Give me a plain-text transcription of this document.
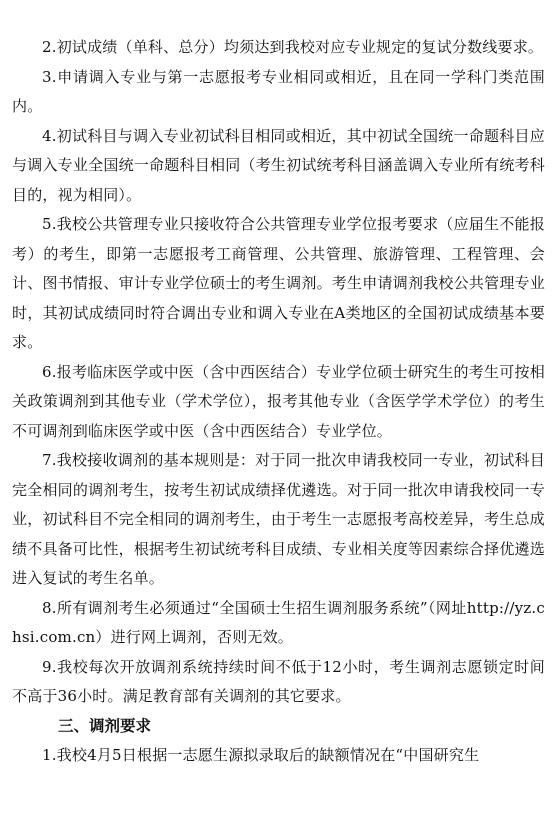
2.初试成绩（单科、总分）均须达到我校对应专业规定的复试分数线要求。

3.申请调入专业与第一志愿报考专业相同或相近，且在同一学科门类范围内。

4.初试科目与调入专业初试科目相同或相近，其中初试全国统一命题科目应与调入专业全国统一命题科目相同（考生初试统考科目涵盖调入专业所有统考科目的，视为相同）。

5.我校公共管理专业只接收符合公共管理专业学位报考要求（应届生不能报考）的考生，即第一志愿报考工商管理、公共管理、旅游管理、工程管理、会计、图书情报、审计专业学位硕士的考生调剂。考生申请调剂我校公共管理专业时，其初试成绩同时符合调出专业和调入专业在A类地区的全国初试成绩基本要求。

6.报考临床医学或中医（含中西医结合）专业学位硕士研究生的考生可按相关政策调剂到其他专业（学术学位），报考其他专业（含医学学术学位）的考生不可调剂到临床医学或中医（含中西医结合）专业学位。

7.我校接收调剂的基本规则是：对于同一批次申请我校同一专业，初试科目完全相同的调剂考生，按考生初试成绩择优遴选。对于同一批次申请我校同一专业，初试科目不完全相同的调剂考生，由于考生一志愿报考高校差异，考生总成绩不具备可比性，根据考生初试统考科目成绩、专业相关度等因素综合择优遴选进入复试的考生名单。

8.所有调剂考生必须通过“全国硕士生招生调剂服务系统”（网址http://yz.chsi.com.cn）进行网上调剂，否则无效。

9.我校每次开放调剂系统持续时间不低于12小时，考生调剂志愿锁定时间不高于36小时。满足教育部有关调剂的其它要求。

三、调剂要求

1.我校4月5日根据一志愿生源拟录取后的缺额情况在“中国研究生
